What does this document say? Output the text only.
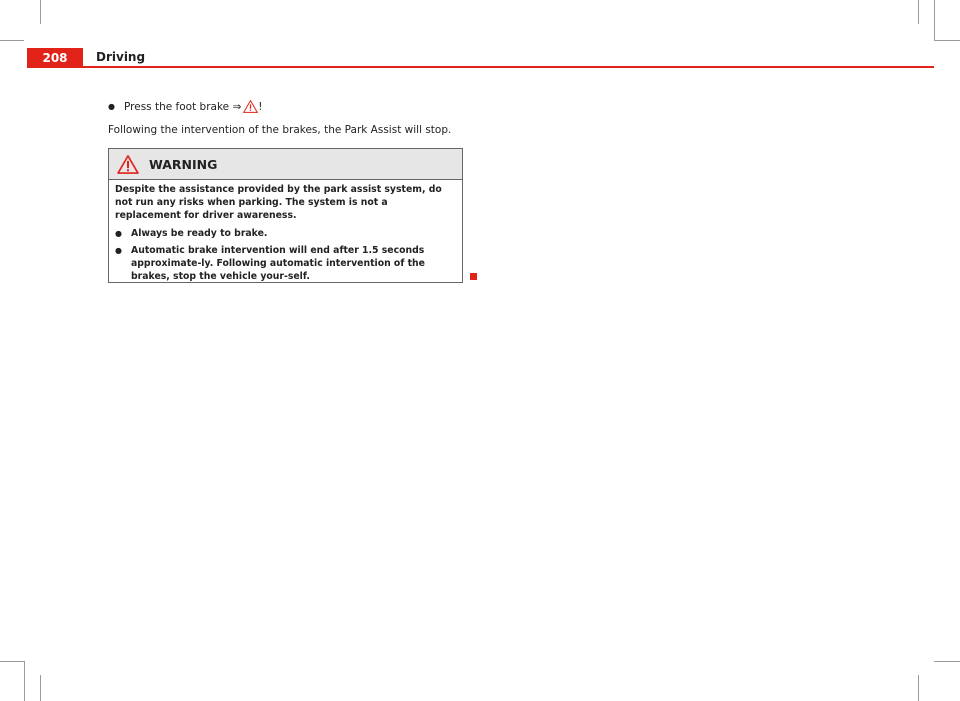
208	Driving
● Press the foot brake ⇒ !
Following the intervention of the brakes, the Park Assist will stop.
WARNING

Despite the assistance provided by the park assist system, do not run any risks when parking. The system is not a replacement for driver awareness.

● Always be ready to brake.
● Automatic brake intervention will end after 1.5 seconds approximate-ly. Following automatic intervention of the brakes, stop the vehicle your-self.
